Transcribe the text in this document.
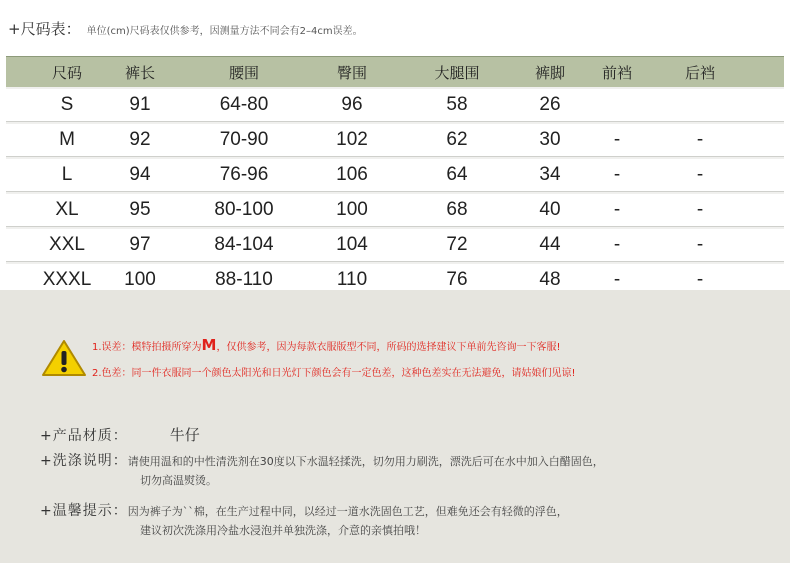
+尺码表： 单位(cm)尺码表仅供参考，因测量方法不同会有2–4cm误差。
尺码	裤长	腰围	臀围	大腿围	裤脚	前裆	后裆
S	91	64-80	96	58	26
M	92	70-90	102	62	30	-	-
L	94	76-96	106	64	34	-	-
XL	95	80-100	100	68	40	-	-
XXL	97	84-104	104	72	44	-	-
XXXL	100	88-110	110	76	48	-	-
1.误差：模特拍摄所穿为M，仅供参考，因为每款衣服版型不同，所码的选择建议下单前先咨询一下客服!
2.色差：同一件衣服同一个颜色太阳光和日光灯下颜色会有一定色差，这种色差实在无法避免，请姑娘们见谅!
+产品材质：	牛仔
+洗涤说明：请使用温和的中性清洗剂在30度以下水温轻揉洗，切勿用力刷洗，漂洗后可在水中加入白醋固色，
切勿高温熨烫。
+温馨提示：因为裤子为``棉，在生产过程中同，以经过一道水洗固色工艺，但难免还会有轻微的浮色，
建议初次洗涤用冷盐水浸泡并单独洗涤，介意的亲慎拍哦！
